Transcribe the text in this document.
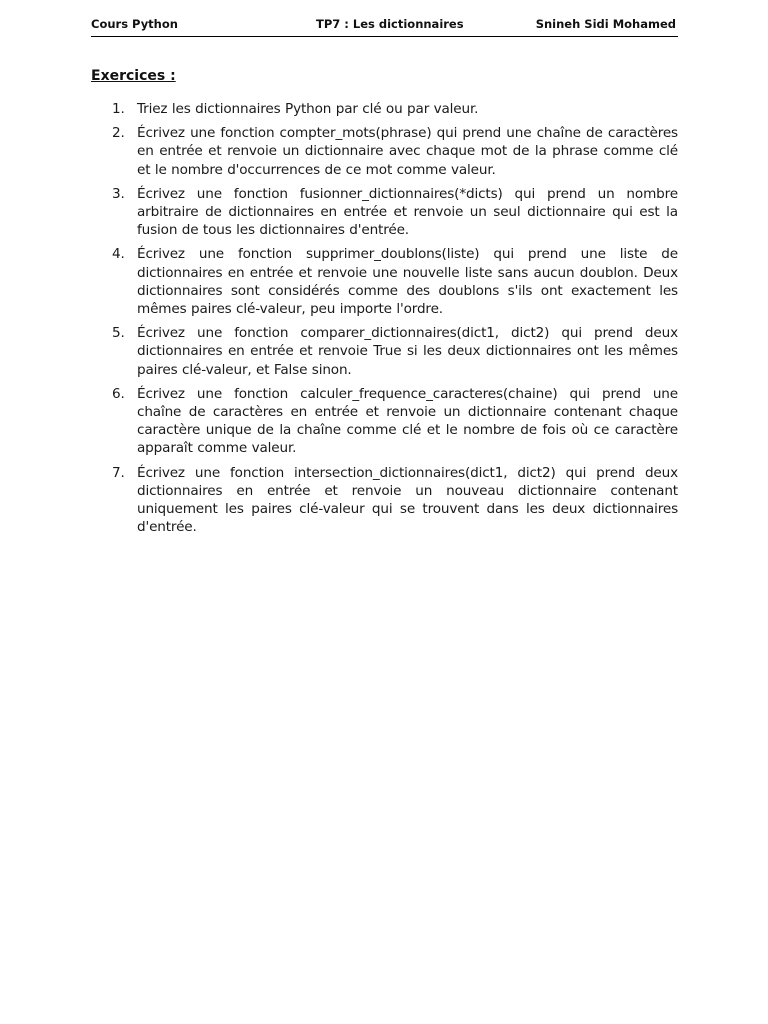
Cours Python	TP7 : Les dictionnaires	Snineh Sidi Mohamed
Exercices :
1. Triez les dictionnaires Python par clé ou par valeur.
2. Écrivez une fonction compter_mots(phrase) qui prend une chaîne de caractères en entrée et renvoie un dictionnaire avec chaque mot de la phrase comme clé et le nombre d'occurrences de ce mot comme valeur.
3. Écrivez une fonction fusionner_dictionnaires(*dicts) qui prend un nombre arbitraire de dictionnaires en entrée et renvoie un seul dictionnaire qui est la fusion de tous les dictionnaires d'entrée.
4. Écrivez une fonction supprimer_doublons(liste) qui prend une liste de dictionnaires en entrée et renvoie une nouvelle liste sans aucun doublon. Deux dictionnaires sont considérés comme des doublons s'ils ont exactement les mêmes paires clé-valeur, peu importe l'ordre.
5. Écrivez une fonction comparer_dictionnaires(dict1, dict2) qui prend deux dictionnaires en entrée et renvoie True si les deux dictionnaires ont les mêmes paires clé-valeur, et False sinon.
6. Écrivez une fonction calculer_frequence_caracteres(chaine) qui prend une chaîne de caractères en entrée et renvoie un dictionnaire contenant chaque caractère unique de la chaîne comme clé et le nombre de fois où ce caractère apparaît comme valeur.
7. Écrivez une fonction intersection_dictionnaires(dict1, dict2) qui prend deux dictionnaires en entrée et renvoie un nouveau dictionnaire contenant uniquement les paires clé-valeur qui se trouvent dans les deux dictionnaires d'entrée.
